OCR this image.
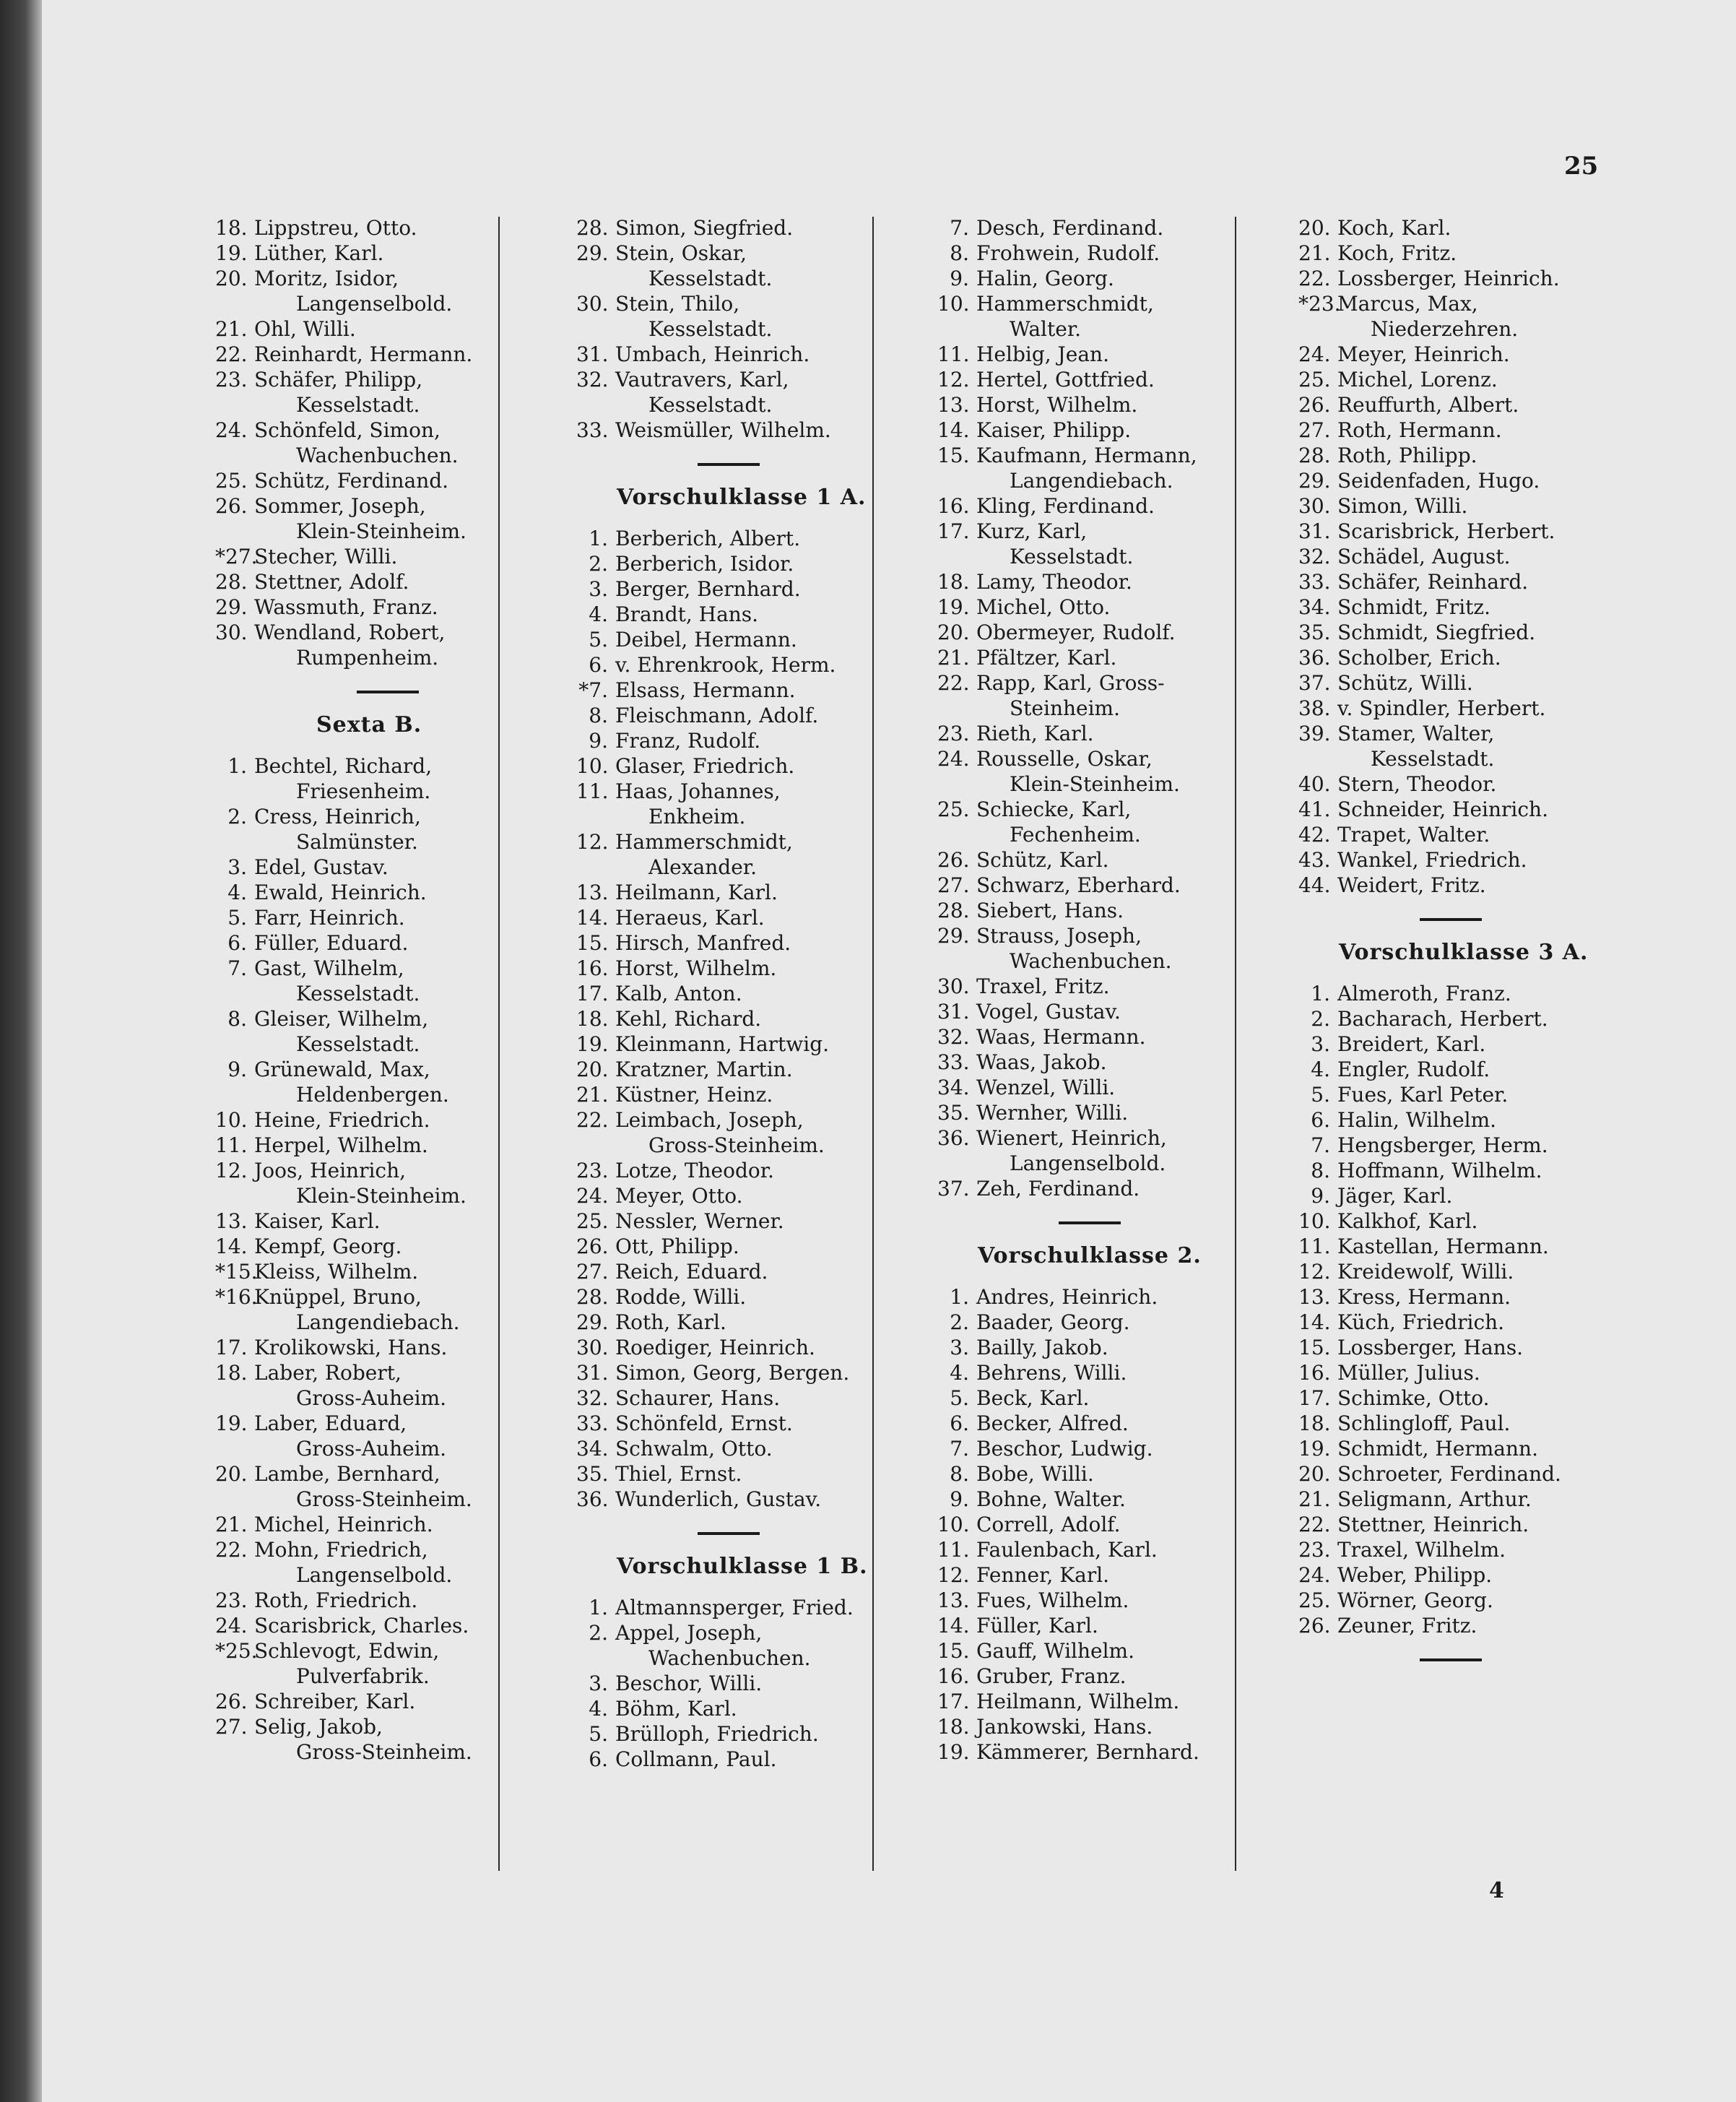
25
18. Lippstreu, Otto.
19. Lüther, Karl.
20. Moritz, Isidor,
Langenselbold.
21. Ohl, Willi.
22. Reinhardt, Hermann.
23. Schäfer, Philipp,
Kesselstadt.
24. Schönfeld, Simon,
Wachenbuchen.
25. Schütz, Ferdinand.
26. Sommer, Joseph,
Klein-Steinheim.
*27.
Stecher, Willi.
28. Stettner, Adolf.
29. Wassmuth, Franz.
30. Wendland, Robert,
Rumpenheim.
Sexta B.
1. Bechtel, Richard,
Friesenheim.
2. Cress, Heinrich,
Salmünster.
3. Edel, Gustav.
4. Ewald, Heinrich.
5. Farr, Heinrich.
6. Füller, Eduard.
7. Gast, Wilhelm,
Kesselstadt.
8. Gleiser, Wilhelm,
Kesselstadt.
9. Grünewald, Max,
Heldenbergen.
10. Heine, Friedrich.
11. Herpel, Wilhelm.
12. Joos, Heinrich,
Klein-Steinheim.
13. Kaiser, Karl.
14. Kempf, Georg.
*15.
Kleiss, Wilhelm.
*16.
Knüppel, Bruno,
Langendiebach.
17. Krolikowski, Hans.
18. Laber, Robert,
Gross-Auheim.
19. Laber, Eduard,
Gross-Auheim.
20. Lambe, Bernhard,
Gross-Steinheim.
21. Michel, Heinrich.
22. Mohn, Friedrich,
Langenselbold.
23. Roth, Friedrich.
24. Scarisbrick, Charles.
*25.
Schlevogt, Edwin,
Pulverfabrik.
26. Schreiber, Karl.
27. Selig, Jakob,
Gross-Steinheim.
28. Simon, Siegfried.
29. Stein, Oskar,
Kesselstadt.
30. Stein, Thilo,
Kesselstadt.
31. Umbach, Heinrich.
32. Vautravers, Karl,
Kesselstadt.
33. Weismüller, Wilhelm.
Vorschulklasse 1 A.
1. Berberich, Albert.
2. Berberich, Isidor.
3. Berger, Bernhard.
4. Brandt, Hans.
5. Deibel, Hermann.
6. v. Ehrenkrook, Herm.
*7. Elsass, Hermann.
8. Fleischmann, Adolf.
9. Franz, Rudolf.
10. Glaser, Friedrich.
11. Haas, Johannes,
Enkheim.
12. Hammerschmidt,
Alexander.
13. Heilmann, Karl.
14. Heraeus, Karl.
15. Hirsch, Manfred.
16. Horst, Wilhelm.
17. Kalb, Anton.
18. Kehl, Richard.
19. Kleinmann, Hartwig.
20. Kratzner, Martin.
21. Küstner, Heinz.
22. Leimbach, Joseph,
Gross-Steinheim.
23. Lotze, Theodor.
24. Meyer, Otto.
25. Nessler, Werner.
26. Ott, Philipp.
27. Reich, Eduard.
28. Rodde, Willi.
29. Roth, Karl.
30. Roediger, Heinrich.
31. Simon, Georg, Bergen.
32. Schaurer, Hans.
33. Schönfeld, Ernst.
34. Schwalm, Otto.
35. Thiel, Ernst.
36. Wunderlich, Gustav.
Vorschulklasse 1 B.
1. Altmannsperger, Fried.
2. Appel, Joseph,
Wachenbuchen.
3. Beschor, Willi.
4. Böhm, Karl.
5. Brülloph, Friedrich.
6. Collmann, Paul.
7. Desch, Ferdinand.
8. Frohwein, Rudolf.
9. Halin, Georg.
10. Hammerschmidt,
Walter.
11. Helbig, Jean.
12. Hertel, Gottfried.
13. Horst, Wilhelm.
14. Kaiser, Philipp.
15. Kaufmann, Hermann,
Langendiebach.
16. Kling, Ferdinand.
17. Kurz, Karl,
Kesselstadt.
18. Lamy, Theodor.
19. Michel, Otto.
20. Obermeyer, Rudolf.
21. Pfältzer, Karl.
22. Rapp, Karl, Gross-
Steinheim.
23. Rieth, Karl.
24. Rousselle, Oskar,
Klein-Steinheim.
25. Schiecke, Karl,
Fechenheim.
26. Schütz, Karl.
27. Schwarz, Eberhard.
28. Siebert, Hans.
29. Strauss, Joseph,
Wachenbuchen.
30. Traxel, Fritz.
31. Vogel, Gustav.
32. Waas, Hermann.
33. Waas, Jakob.
34. Wenzel, Willi.
35. Wernher, Willi.
36. Wienert, Heinrich,
Langenselbold.
37. Zeh, Ferdinand.
Vorschulklasse 2.
1. Andres, Heinrich.
2. Baader, Georg.
3. Bailly, Jakob.
4. Behrens, Willi.
5. Beck, Karl.
6. Becker, Alfred.
7. Beschor, Ludwig.
8. Bobe, Willi.
9. Bohne, Walter.
10. Correll, Adolf.
11. Faulenbach, Karl.
12. Fenner, Karl.
13. Fues, Wilhelm.
14. Füller, Karl.
15. Gauff, Wilhelm.
16. Gruber, Franz.
17. Heilmann, Wilhelm.
18. Jankowski, Hans.
19. Kämmerer, Bernhard.
20. Koch, Karl.
21. Koch, Fritz.
22. Lossberger, Heinrich.
*23.
Marcus, Max,
Niederzehren.
24. Meyer, Heinrich.
25. Michel, Lorenz.
26. Reuffurth, Albert.
27. Roth, Hermann.
28. Roth, Philipp.
29. Seidenfaden, Hugo.
30. Simon, Willi.
31. Scarisbrick, Herbert.
32. Schädel, August.
33. Schäfer, Reinhard.
34. Schmidt, Fritz.
35. Schmidt, Siegfried.
36. Scholber, Erich.
37. Schütz, Willi.
38. v. Spindler, Herbert.
39. Stamer, Walter,
Kesselstadt.
40. Stern, Theodor.
41. Schneider, Heinrich.
42. Trapet, Walter.
43. Wankel, Friedrich.
44. Weidert, Fritz.
Vorschulklasse 3 A.
1. Almeroth, Franz.
2. Bacharach, Herbert.
3. Breidert, Karl.
4. Engler, Rudolf.
5. Fues, Karl Peter.
6. Halin, Wilhelm.
7. Hengsberger, Herm.
8. Hoffmann, Wilhelm.
9. Jäger, Karl.
10. Kalkhof, Karl.
11. Kastellan, Hermann.
12. Kreidewolf, Willi.
13. Kress, Hermann.
14. Küch, Friedrich.
15. Lossberger, Hans.
16. Müller, Julius.
17. Schimke, Otto.
18. Schlingloff, Paul.
19. Schmidt, Hermann.
20. Schroeter, Ferdinand.
21. Seligmann, Arthur.
22. Stettner, Heinrich.
23. Traxel, Wilhelm.
24. Weber, Philipp.
25. Wörner, Georg.
26. Zeuner, Fritz.
4
